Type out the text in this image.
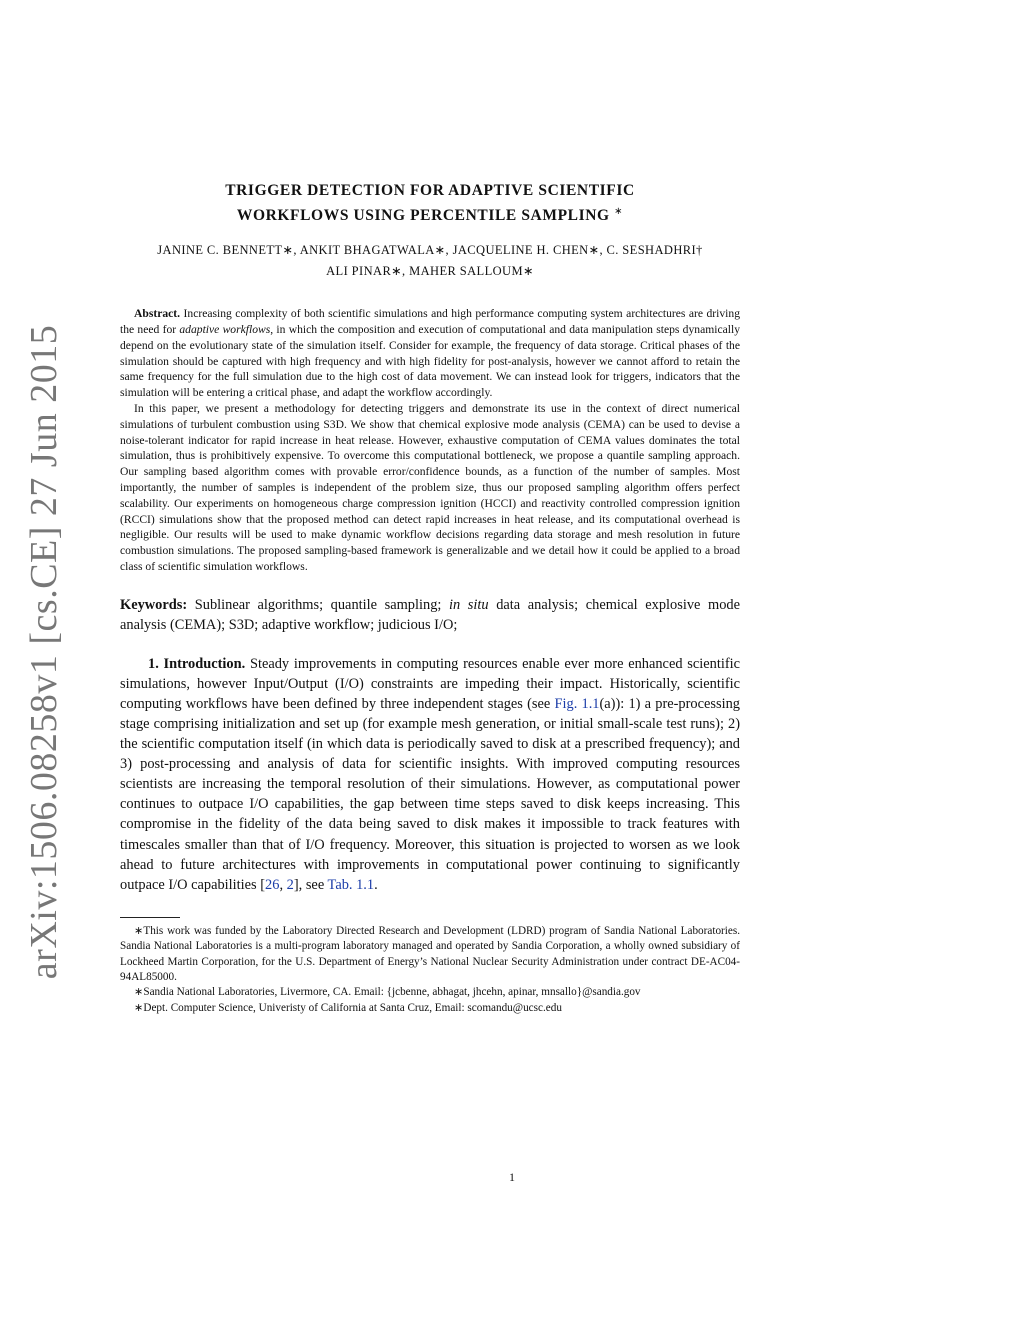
arXiv:1506.08258v1 [cs.CE] 27 Jun 2015
TRIGGER DETECTION FOR ADAPTIVE SCIENTIFIC
WORKFLOWS USING PERCENTILE SAMPLING ∗
JANINE C. BENNETT∗, ANKIT BHAGATWALA∗, JACQUELINE H. CHEN∗, C. SESHADHRI†
ALI PINAR∗, MAHER SALLOUM∗

Abstract. Increasing complexity of both scientific simulations and high performance computing system architectures are driving the need for adaptive workflows, in which the composition and execution of computational and data manipulation steps dynamically depend on the evolutionary state of the simulation itself. Consider for example, the frequency of data storage. Critical phases of the simulation should be captured with high frequency and with high fidelity for post-analysis, however we cannot afford to retain the same frequency for the full simulation due to the high cost of data movement. We can instead look for triggers, indicators that the simulation will be entering a critical phase, and adapt the workflow accordingly.

In this paper, we present a methodology for detecting triggers and demonstrate its use in the context of direct numerical simulations of turbulent combustion using S3D. We show that chemical explosive mode analysis (CEMA) can be used to devise a noise-tolerant indicator for rapid increase in heat release. However, exhaustive computation of CEMA values dominates the total simulation, thus is prohibitively expensive. To overcome this computational bottleneck, we propose a quantile sampling approach. Our sampling based algorithm comes with provable error/confidence bounds, as a function of the number of samples. Most importantly, the number of samples is independent of the problem size, thus our proposed sampling algorithm offers perfect scalability. Our experiments on homogeneous charge compression ignition (HCCI) and reactivity controlled compression ignition (RCCI) simulations show that the proposed method can detect rapid increases in heat release, and its computational overhead is negligible. Our results will be used to make dynamic workflow decisions regarding data storage and mesh resolution in future combustion simulations. The proposed sampling-based framework is generalizable and we detail how it could be applied to a broad class of scientific simulation workflows.

Keywords: Sublinear algorithms; quantile sampling; in situ data analysis; chemical explosive mode analysis (CEMA); S3D; adaptive workflow; judicious I/O;
1. Introduction. Steady improvements in computing resources enable ever more enhanced scientific simulations, however Input/Output (I/O) constraints are impeding their impact. Historically, scientific computing workflows have been defined by three independent stages (see Fig. 1.1(a)): 1) a pre-processing stage comprising initialization and set up (for example mesh generation, or initial small-scale test runs); 2) the scientific computation itself (in which data is periodically saved to disk at a prescribed frequency); and 3) post-processing and analysis of data for scientific insights. With improved computing resources scientists are increasing the temporal resolution of their simulations. However, as computational power continues to outpace I/O capabilities, the gap between time steps saved to disk keeps increasing. This compromise in the fidelity of the data being saved to disk makes it impossible to track features with timescales smaller than that of I/O frequency. Moreover, this situation is projected to worsen as we look ahead to future architectures with improvements in computational power continuing to significantly outpace I/O capabilities [26, 2], see Tab. 1.1.

∗This work was funded by the Laboratory Directed Research and Development (LDRD) program of Sandia National Laboratories. Sandia National Laboratories is a multi-program laboratory managed and operated by Sandia Corporation, a wholly owned subsidiary of Lockheed Martin Corporation, for the U.S. Department of Energy’s National Nuclear Security Administration under contract DE-AC04-94AL85000.

∗Sandia National Laboratories, Livermore, CA. Email: {jcbenne, abhagat, jhcehn, apinar, mnsallo}@sandia.gov

∗Dept. Computer Science, Univeristy of California at Santa Cruz, Email: scomandu@ucsc.edu

1
